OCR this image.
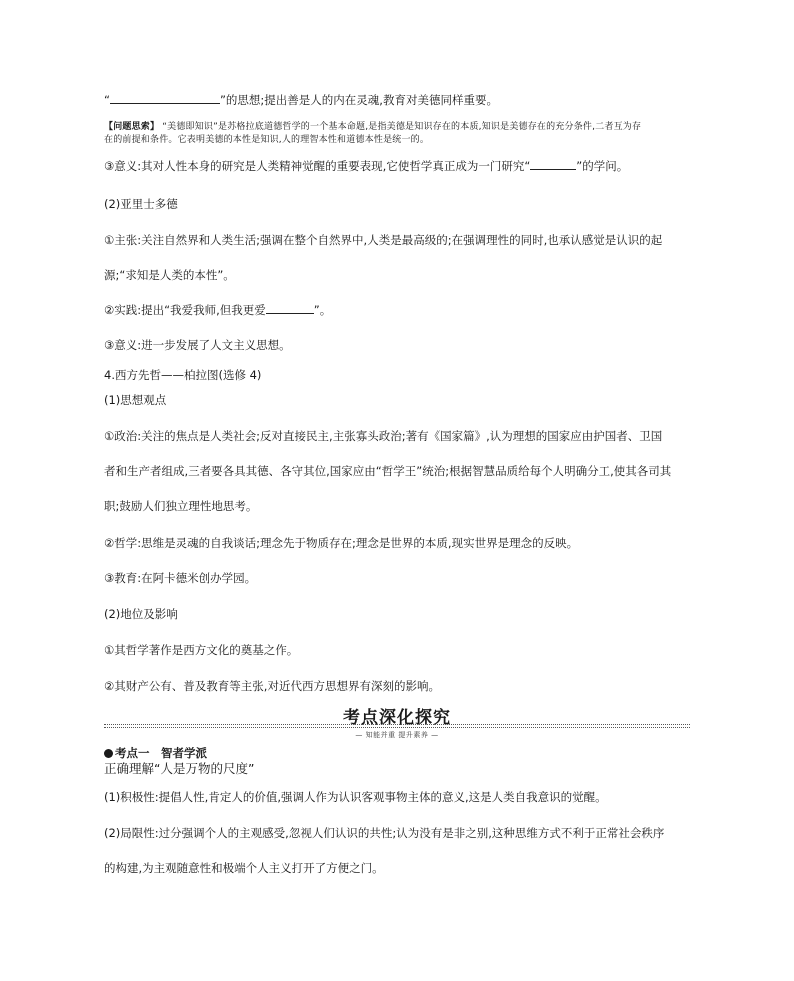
“	”的思想;提出善是人的内在灵魂,教育对美德同样重要。
【问题思索】 “美德即知识”是苏格拉底道德哲学的一个基本命题,是指美德是知识存在的本质,知识是美德存在的充分条件,二者互为存
在的前提和条件。它表明美德的本性是知识,人的理智本性和道德本性是统一的。
③意义:其对人性本身的研究是人类精神觉醒的重要表现,它使哲学真正成为一门研究“	”的学问。
(2)亚里士多德
①主张:关注自然界和人类生活;强调在整个自然界中,人类是最高级的;在强调理性的同时,也承认感觉是认识的起
源;“求知是人类的本性”。
②实践:提出“我爱我师,但我更爱	”。
③意义:进一步发展了人文主义思想。
4.西方先哲——柏拉图(选修 4)
(1)思想观点
①政治:关注的焦点是人类社会;反对直接民主,主张寡头政治;著有《国家篇》,认为理想的国家应由护国者、卫国
者和生产者组成,三者要各具其德、各守其位,国家应由“哲学王”统治;根据智慧品质给每个人明确分工,使其各司其
职;鼓励人们独立理性地思考。
②哲学:思维是灵魂的自我谈话;理念先于物质存在;理念是世界的本质,现实世界是理念的反映。
③教育:在阿卡德米创办学园。
(2)地位及影响
①其哲学著作是西方文化的奠基之作。
②其财产公有、普及教育等主张,对近代西方思想界有深刻的影响。
考点深化探究
— 知能并重 提升素养 —
考点一　智者学派
正确理解“人是万物的尺度”
(1)积极性:提倡人性,肯定人的价值,强调人作为认识客观事物主体的意义,这是人类自我意识的觉醒。
(2)局限性:过分强调个人的主观感受,忽视人们认识的共性;认为没有是非之别,这种思维方式不利于正常社会秩序
的构建,为主观随意性和极端个人主义打开了方便之门。
